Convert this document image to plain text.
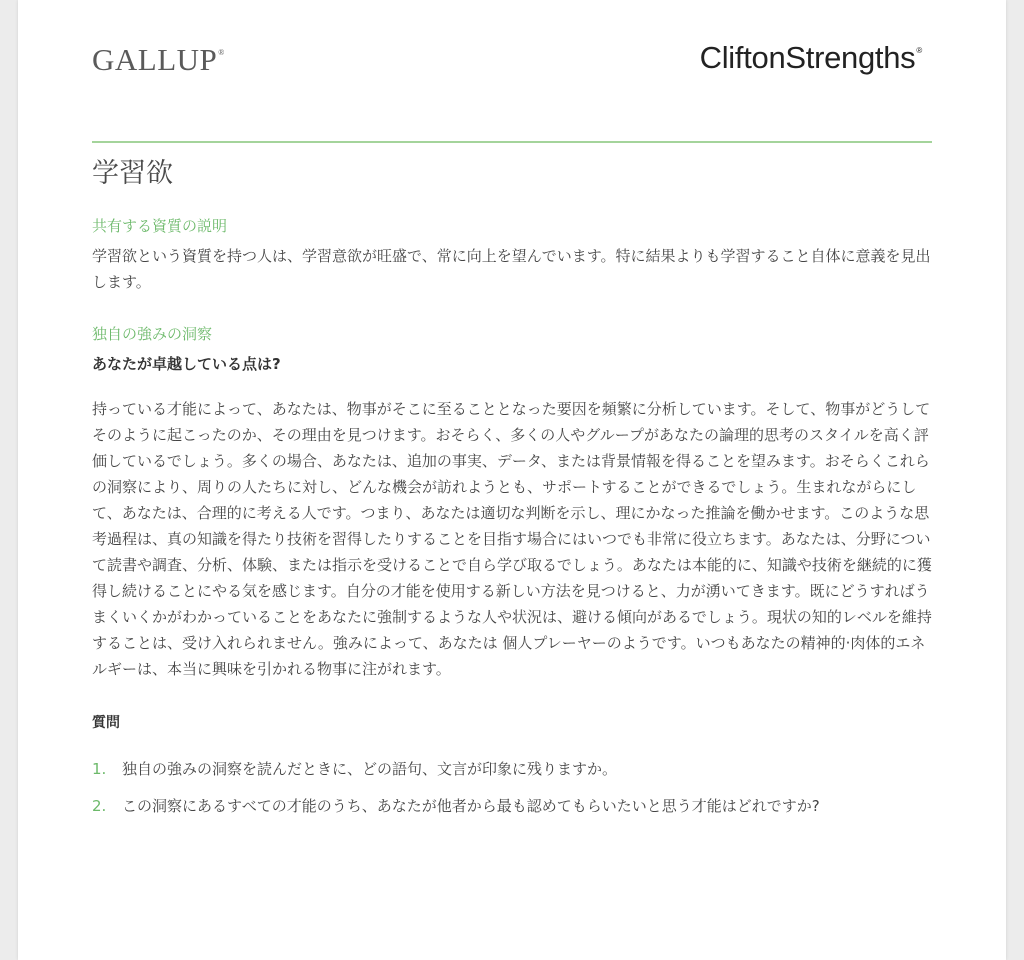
GALLUP®	CliftonStrengths®
学習欲
共有する資質の説明

学習欲という資質を持つ人は、学習意欲が旺盛で、常に向上を望んでいます。特に結果よりも学習すること自体に意義を見出します。

独自の強みの洞察
あなたが卓越している点は?

持っている才能によって、あなたは、物事がそこに至ることとなった要因を頻繁に分析しています。そして、物事がどうしてそのように起こったのか、その理由を見つけます。おそらく、多くの人やグループがあなたの論理的思考のスタイルを高く評価しているでしょう。多くの場合、あなたは、追加の事実、データ、または背景情報を得ることを望みます。おそらくこれらの洞察により、周りの人たちに対し、どんな機会が訪れようとも、サポートすることができるでしょう。生まれながらにして、あなたは、合理的に考える人です。つまり、あなたは適切な判断を示し、理にかなった推論を働かせます。このような思考過程は、真の知識を得たり技術を習得したりすることを目指す場合にはいつでも非常に役立ちます。あなたは、分野について読書や調査、分析、体験、または指示を受けることで自ら学び取るでしょう。あなたは本能的に、知識や技術を継続的に獲得し続けることにやる気を感じます。自分の才能を使用する新しい方法を見つけると、力が湧いてきます。既にどうすればうまくいくかがわかっていることをあなたに強制するような人や状況は、避ける傾向があるでしょう。現状の知的レベルを維持することは、受け入れられません。強みによって、あなたは 個人プレーヤーのようです。いつもあなたの精神的·肉体的エネルギーは、本当に興味を引かれる物事に注がれます。

質問
1.	独自の強みの洞察を読んだときに、どの語句、文言が印象に残りますか。
2.	この洞察にあるすべての才能のうち、あなたが他者から最も認めてもらいたいと思う才能はどれですか?
